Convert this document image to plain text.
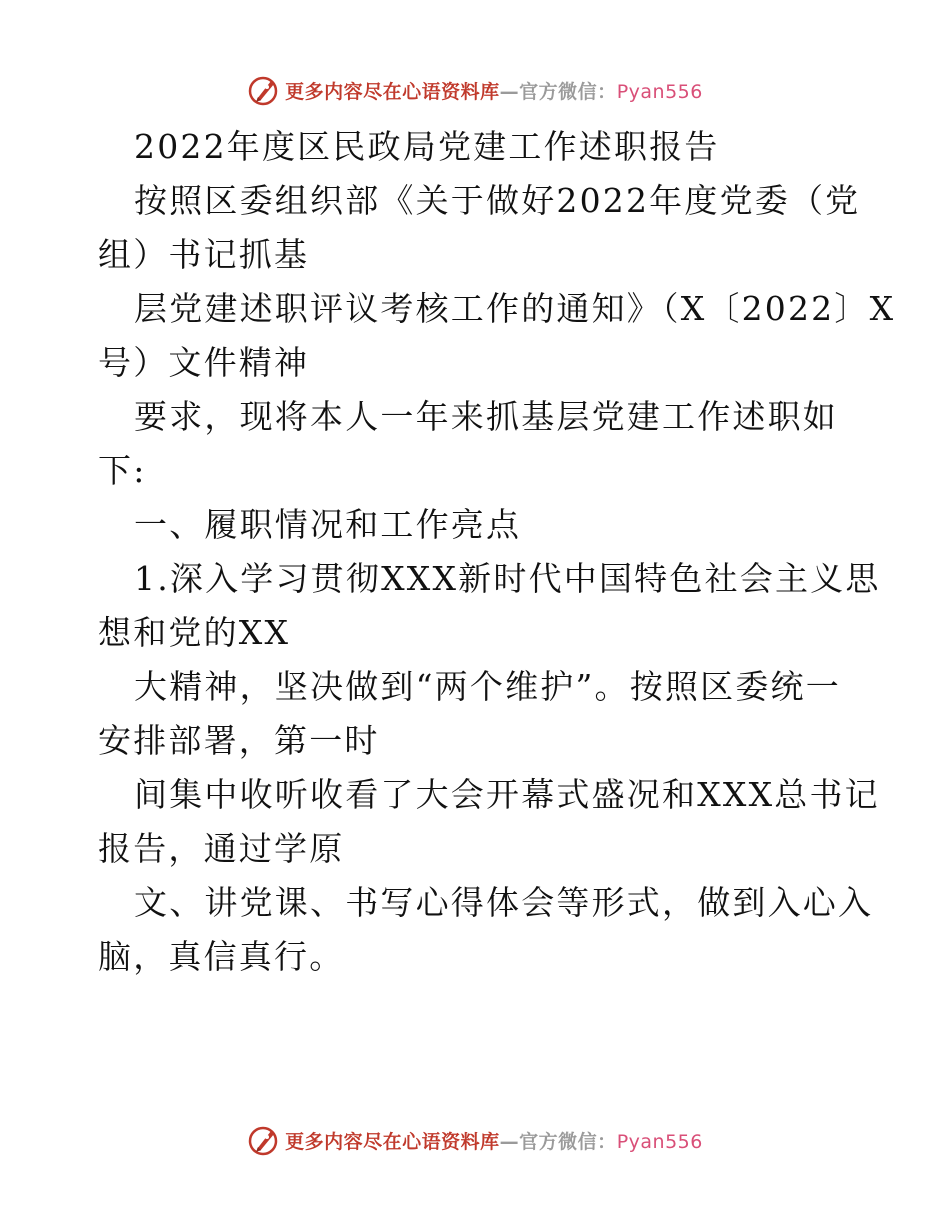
更多内容尽在心语资料库—官方微信：Pyan556
2022年度区民政局党建工作述职报告
按照区委组织部《关于做好2022年度党委（党
组）书记抓基
层党建述职评议考核工作的通知》（X〔2022〕X
号）文件精神
要求，现将本人一年来抓基层党建工作述职如
下:
一、履职情况和工作亮点
1.深入学习贯彻XXX新时代中国特色社会主义思
想和党的XX
大精神，坚决做到“两个维护”。按照区委统一
安排部署，第一时
间集中收听收看了大会开幕式盛况和XXX总书记
报告，通过学原
文、讲党课、书写心得体会等形式，做到入心入
脑，真信真行。
更多内容尽在心语资料库—官方微信：Pyan556
